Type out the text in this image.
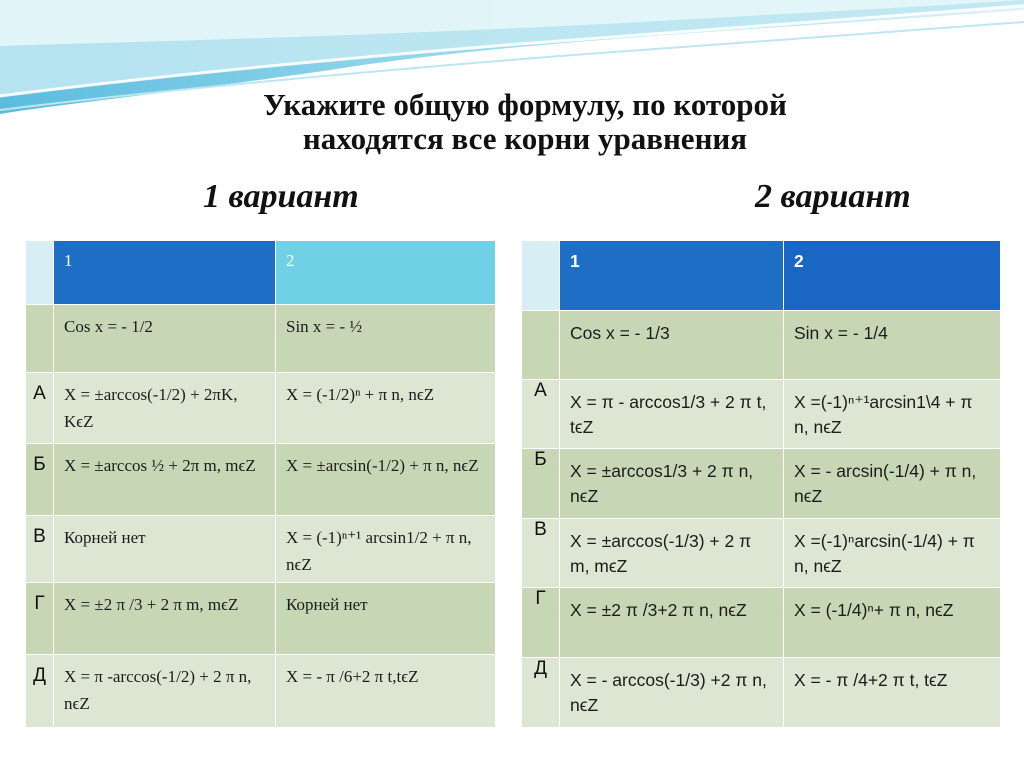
Укажите общую формулу, по которой
находятся все корни уравнения
1 вариант	2 вариант

	1	2

	Cos x = - 1/2	Sin x = - ½

А	X = ±arccos(-1/2) + 2πK, KϵZ	X = (-1/2)ⁿ + π n, nϵZ

Б	X = ±arccos ½ + 2π m, mϵZ	X = ±arcsin(-1/2) + π n, nϵZ

В	Корней нет	X = (-1)ⁿ⁺¹ arcsin1/2 + π n, nϵZ

Г	X = ±2 π /3 + 2 π m, mϵZ	Корней нет

Д	X = π -arccos(-1/2) + 2 π n, nϵZ	X = - π /6+2 π t,tϵZ

	1	2

	Cos x = - 1/3	Sin x = - 1/4

А	X = π - arccos1/3 + 2 π t, tϵZ	X =(-1)ⁿ⁺¹arcsin1\4 + π n, nϵZ

Б	X = ±arccos1/3 + 2 π n, nϵZ	X = - arcsin(-1/4) + π n, nϵZ

В	X = ±arccos(-1/3) + 2 π m, mϵZ	X =(-1)ⁿarcsin(-1/4) + π n, nϵZ

Г	X = ±2 π /3+2 π n, nϵZ	X = (-1/4)ⁿ+ π n, nϵZ

Д	X = - arccos(-1/3) +2 π n, nϵZ	X = - π /4+2 π t, tϵZ
